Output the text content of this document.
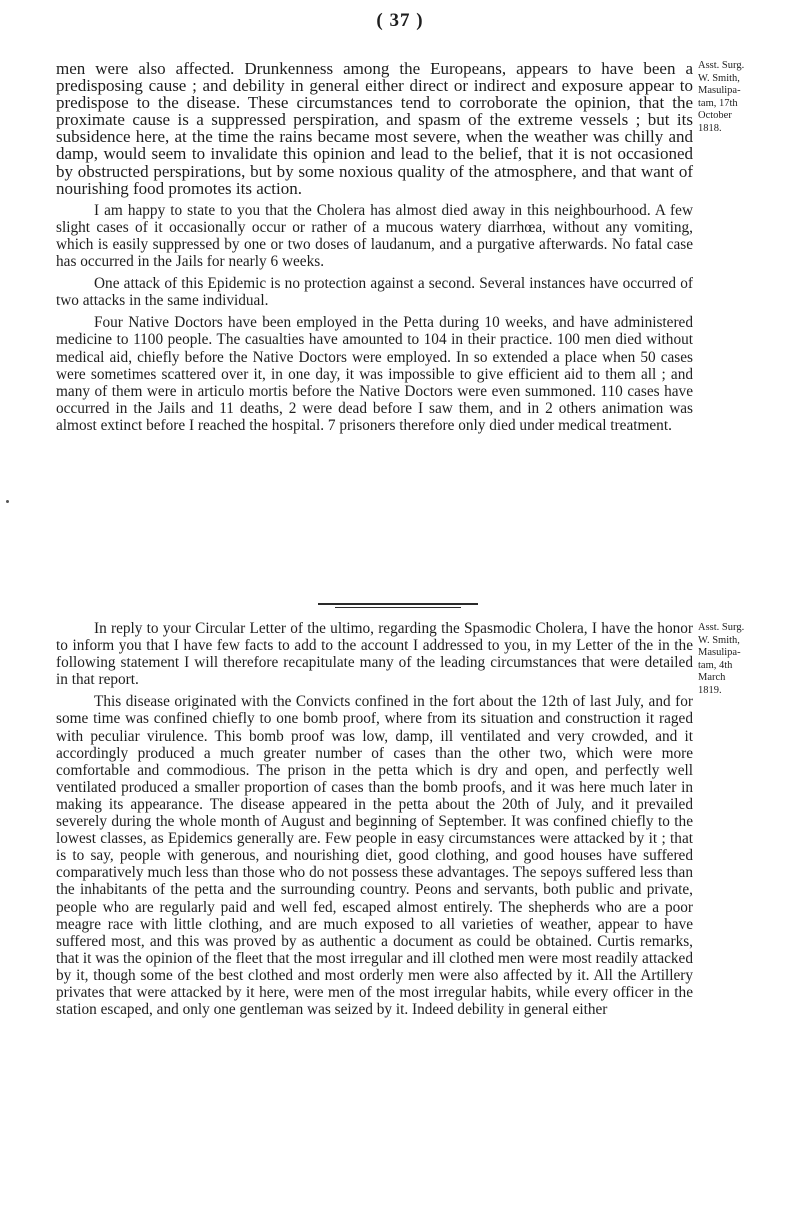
( 37 )

men were also affected. Drunkenness among the Europeans, appears to have been a predisposing cause ; and debility in general either direct or indirect and exposure appear to predispose to the disease. These circumstances tend to corroborate the opinion, that the proximate cause is a suppressed perspiration, and spasm of the extreme vessels ; but its subsidence here, at the time the rains became most severe, when the weather was chilly and damp, would seem to invalidate this opinion and lead to the belief, that it is not occasioned by obstructed perspirations, but by some noxious quality of the atmosphere, and that want of nourishing food promotes its action.

I am happy to state to you that the Cholera has almost died away in this neighbourhood. A few slight cases of it occasionally occur or rather of a mucous watery diarrhœa, without any vomiting, which is easily suppressed by one or two doses of laudanum, and a purgative afterwards. No fatal case has occurred in the Jails for nearly 6 weeks.

One attack of this Epidemic is no protection against a second. Several instances have occurred of two attacks in the same individual.

Four Native Doctors have been employed in the Petta during 10 weeks, and have administered medicine to 1100 people. The casualties have amounted to 104 in their practice. 100 men died without medical aid, chiefly before the Native Doctors were employed. In so extended a place when 50 cases were sometimes scattered over it, in one day, it was impossible to give efficient aid to them all ; and many of them were in articulo mortis before the Native Doctors were even summoned. 110 cases have occurred in the Jails and 11 deaths, 2 were dead before I saw them, and in 2 others animation was almost extinct before I reached the hospital. 7 prisoners therefore only died under medical treatment.

Asst. Surg.
W. Smith,
Masulipa-
tam, 17th
October
1818.

In reply to your Circular Letter of the ultimo, regarding the Spasmodic Cholera, I have the honor to inform you that I have few facts to add to the account I addressed to you, in my Letter of the in the following statement I will therefore recapitulate many of the leading circumstances that were detailed in that report.

This disease originated with the Convicts confined in the fort about the 12th of last July, and for some time was confined chiefly to one bomb proof, where from its situation and construction it raged with peculiar virulence. This bomb proof was low, damp, ill ventilated and very crowded, and it accordingly produced a much greater number of cases than the other two, which were more comfortable and commodious. The prison in the petta which is dry and open, and perfectly well ventilated produced a smaller proportion of cases than the bomb proofs, and it was here much later in making its appearance. The disease appeared in the petta about the 20th of July, and it prevailed severely during the whole month of August and beginning of September. It was confined chiefly to the lowest classes, as Epidemics generally are. Few people in easy circumstances were attacked by it ; that is to say, people with generous, and nourishing diet, good clothing, and good houses have suffered comparatively much less than those who do not possess these advantages. The sepoys suffered less than the inhabitants of the petta and the surrounding country. Peons and servants, both public and private, people who are regularly paid and well fed, escaped almost entirely. The shepherds who are a poor meagre race with little clothing, and are much exposed to all varieties of weather, appear to have suffered most, and this was proved by as authentic a document as could be obtained. Curtis remarks, that it was the opinion of the fleet that the most irregular and ill clothed men were most readily attacked by it, though some of the best clothed and most orderly men were also affected by it. All the Artillery privates that were attacked by it here, were men of the most irregular habits, while every officer in the station escaped, and only one gentleman was seized by it. Indeed debility in general either

Asst. Surg.
W. Smith,
Masulipa-
tam, 4th
March
1819.
